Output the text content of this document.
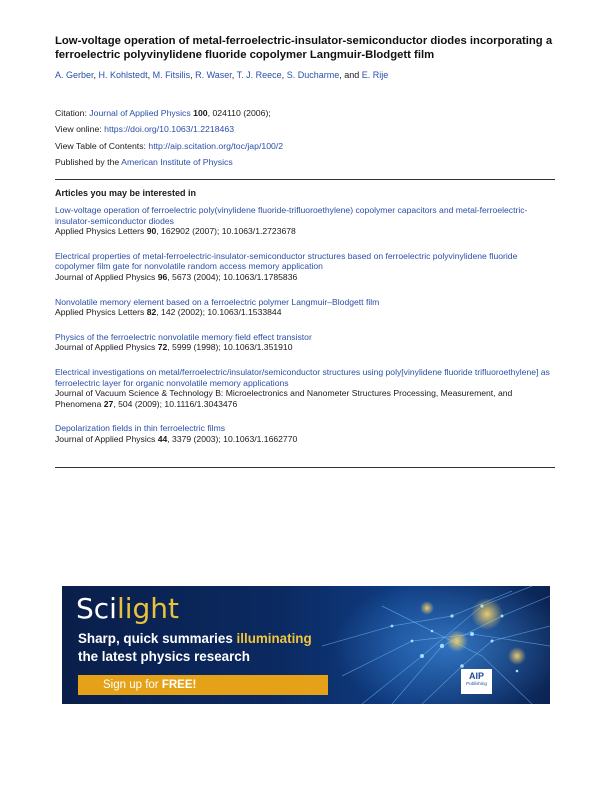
Low-voltage operation of metal-ferroelectric-insulator-semiconductor diodes incorporating a ferroelectric polyvinylidene fluoride copolymer Langmuir-Blodgett film
A. Gerber, H. Kohlstedt, M. Fitsilis, R. Waser, T. J. Reece, S. Ducharme, and E. Rije
Citation: Journal of Applied Physics 100, 024110 (2006);
View online: https://doi.org/10.1063/1.2218463
View Table of Contents: http://aip.scitation.org/toc/jap/100/2
Published by the American Institute of Physics
Articles you may be interested in
Low-voltage operation of ferroelectric poly(vinylidene fluoride-trifluoroethylene) copolymer capacitors and metal-ferroelectric-insulator-semiconductor diodes
Applied Physics Letters 90, 162902 (2007); 10.1063/1.2723678
Electrical properties of metal-ferroelectric-insulator-semiconductor structures based on ferroelectric polyvinylidene fluoride copolymer film gate for nonvolatile random access memory application
Journal of Applied Physics 96, 5673 (2004); 10.1063/1.1785836
Nonvolatile memory element based on a ferroelectric polymer Langmuir–Blodgett film
Applied Physics Letters 82, 142 (2002); 10.1063/1.1533844
Physics of the ferroelectric nonvolatile memory field effect transistor
Journal of Applied Physics 72, 5999 (1998); 10.1063/1.351910
Electrical investigations on metal/ferroelectric/insulator/semiconductor structures using poly[vinylidene fluoride trifluoroethylene] as ferroelectric layer for organic nonvolatile memory applications
Journal of Vacuum Science & Technology B: Microelectronics and Nanometer Structures Processing, Measurement, and Phenomena 27, 504 (2009); 10.1116/1.3043476
Depolarization fields in thin ferroelectric films
Journal of Applied Physics 44, 3379 (2003); 10.1063/1.1662770
Scilight
Sharp, quick summaries illuminating
the latest physics research
Sign up for FREE!
AIP
Publishing
